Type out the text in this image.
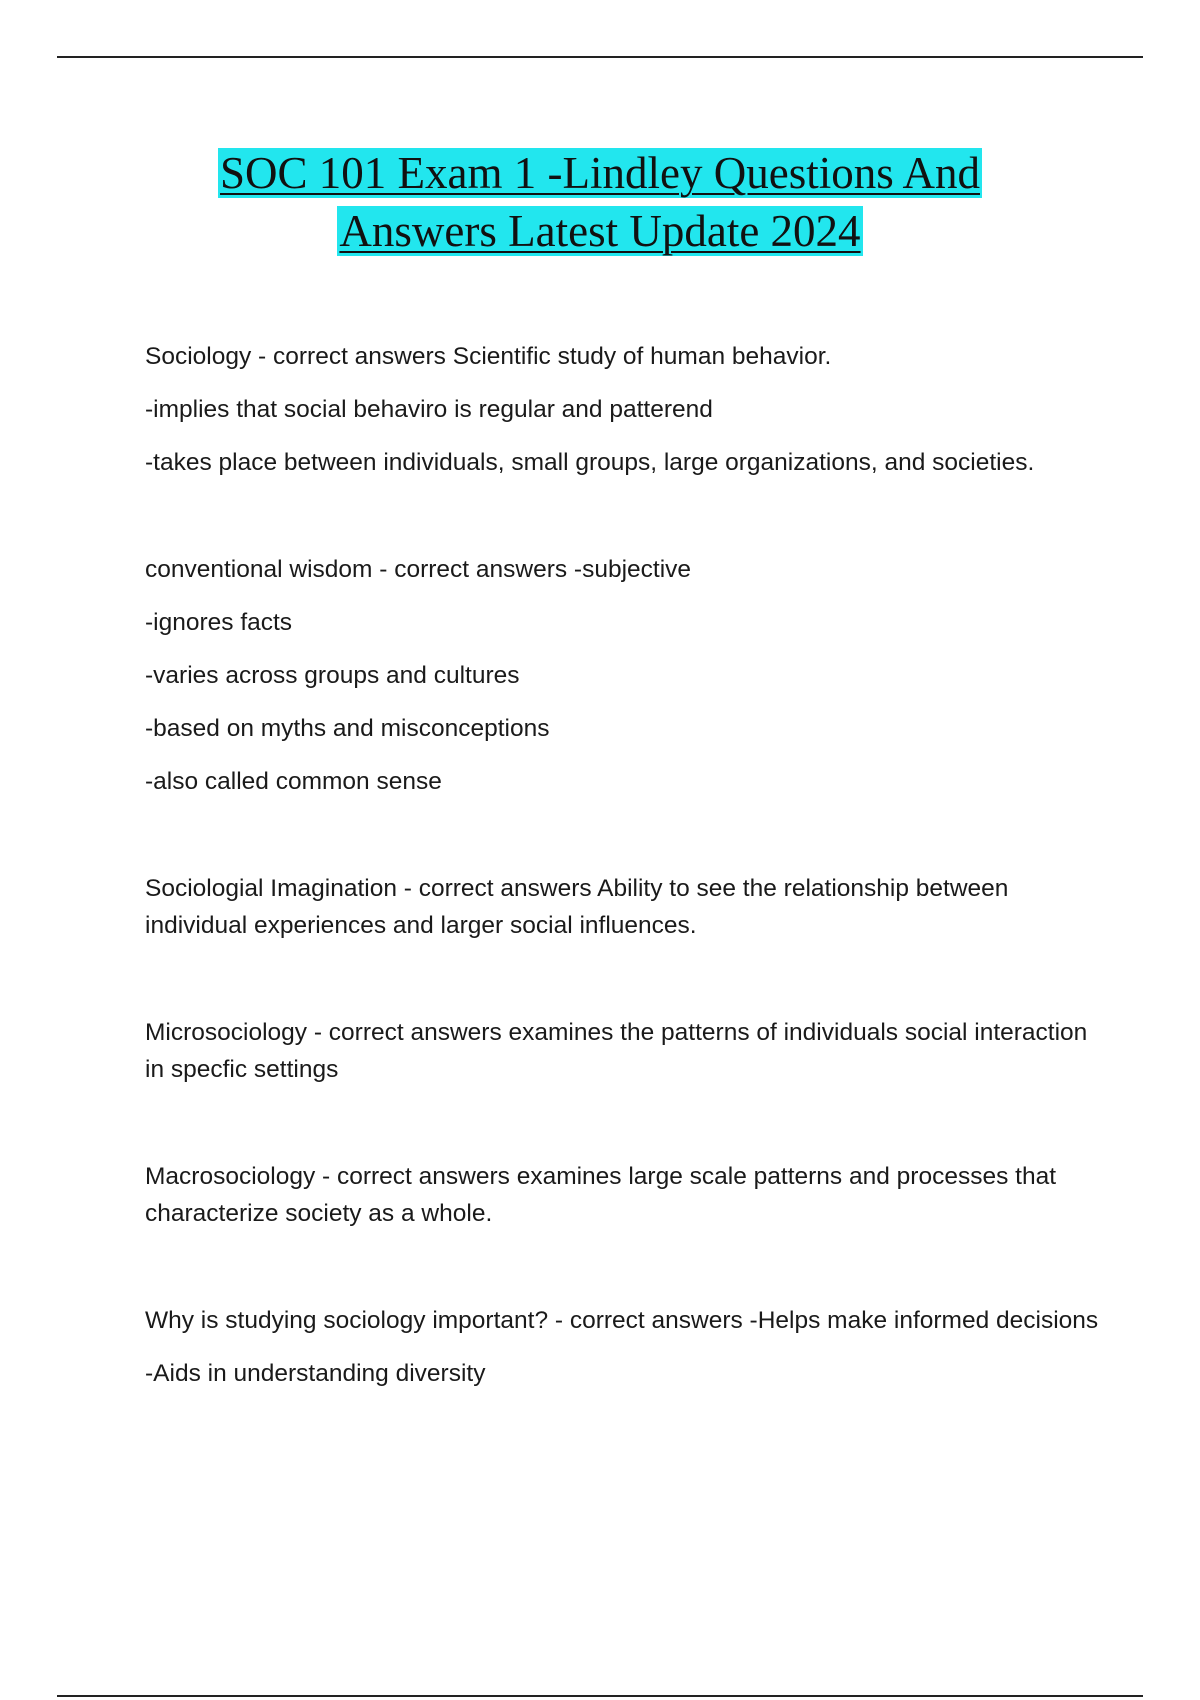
SOC 101 Exam 1 -Lindley Questions And
Answers Latest Update 2024
Sociology - correct answers Scientific study of human behavior.
-implies that social behaviro is regular and patterend
-takes place between individuals, small groups, large organizations, and societies.
conventional wisdom - correct answers -subjective
-ignores facts
-varies across groups and cultures
-based on myths and misconceptions
-also called common sense
Sociologial Imagination - correct answers Ability to see the relationship between individual experiences and larger social influences.
Microsociology - correct answers examines the patterns of individuals social interaction in specfic settings
Macrosociology - correct answers examines large scale patterns and processes that characterize society as a whole.
Why is studying sociology important? - correct answers -Helps make informed decisions
-Aids in understanding diversity
